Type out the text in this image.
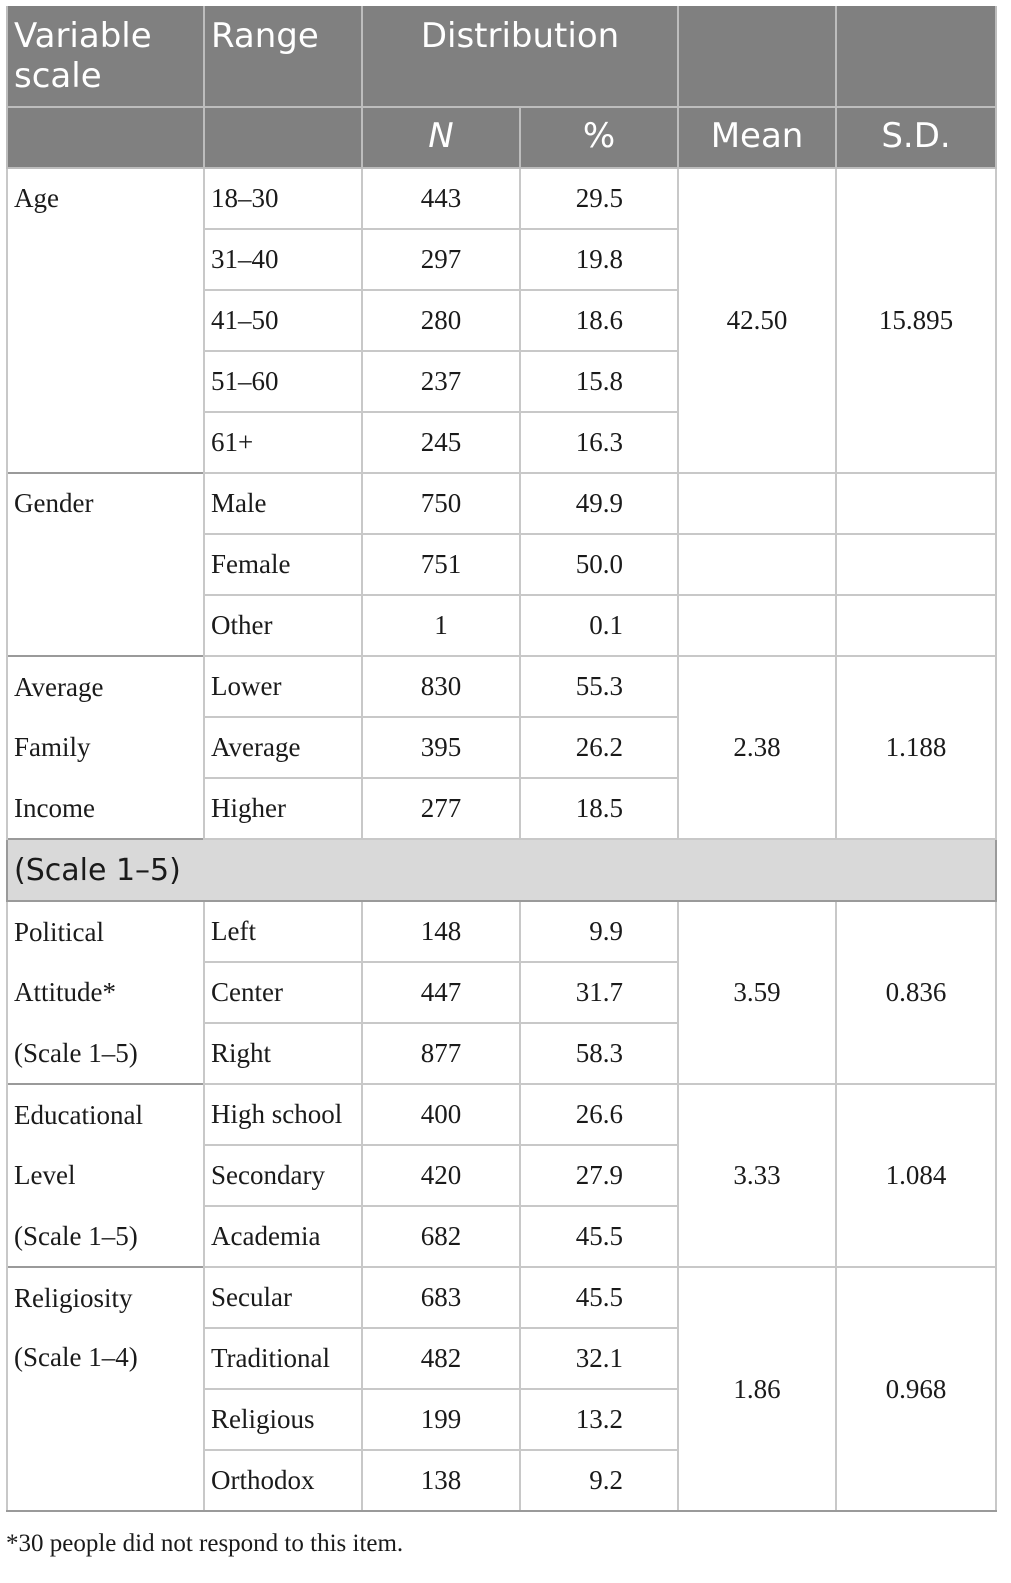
Variable scale	Range	Distribution			
		N	%	Mean	S.D.
Age	18–30	443	29.5	42.50	15.895
	31–40	297	19.8		
	41–50	280	18.6		
	51–60	237	15.8		
	61+	245	16.3		
Gender	Male	750	49.9		
	Female	751	50.0		
	Other	1	0.1		
Average	Lower	830	55.3	2.38	1.188
Family	Average	395	26.2		
Income	Higher	277	18.5		
(Scale 1–5)					
Political	Left	148	9.9	3.59	0.836
Attitude*	Center	447	31.7		
(Scale 1–5)	Right	877	58.3		
Educational	High school	400	26.6	3.33	1.084
Level	Secondary	420	27.9		
(Scale 1–5)	Academia	682	45.5		
Religiosity	Secular	683	45.5	1.86	0.968
(Scale 1–4)	Traditional	482	32.1		
	Religious	199	13.2		
	Orthodox	138	9.2		
*30 people did not respond to this item.
